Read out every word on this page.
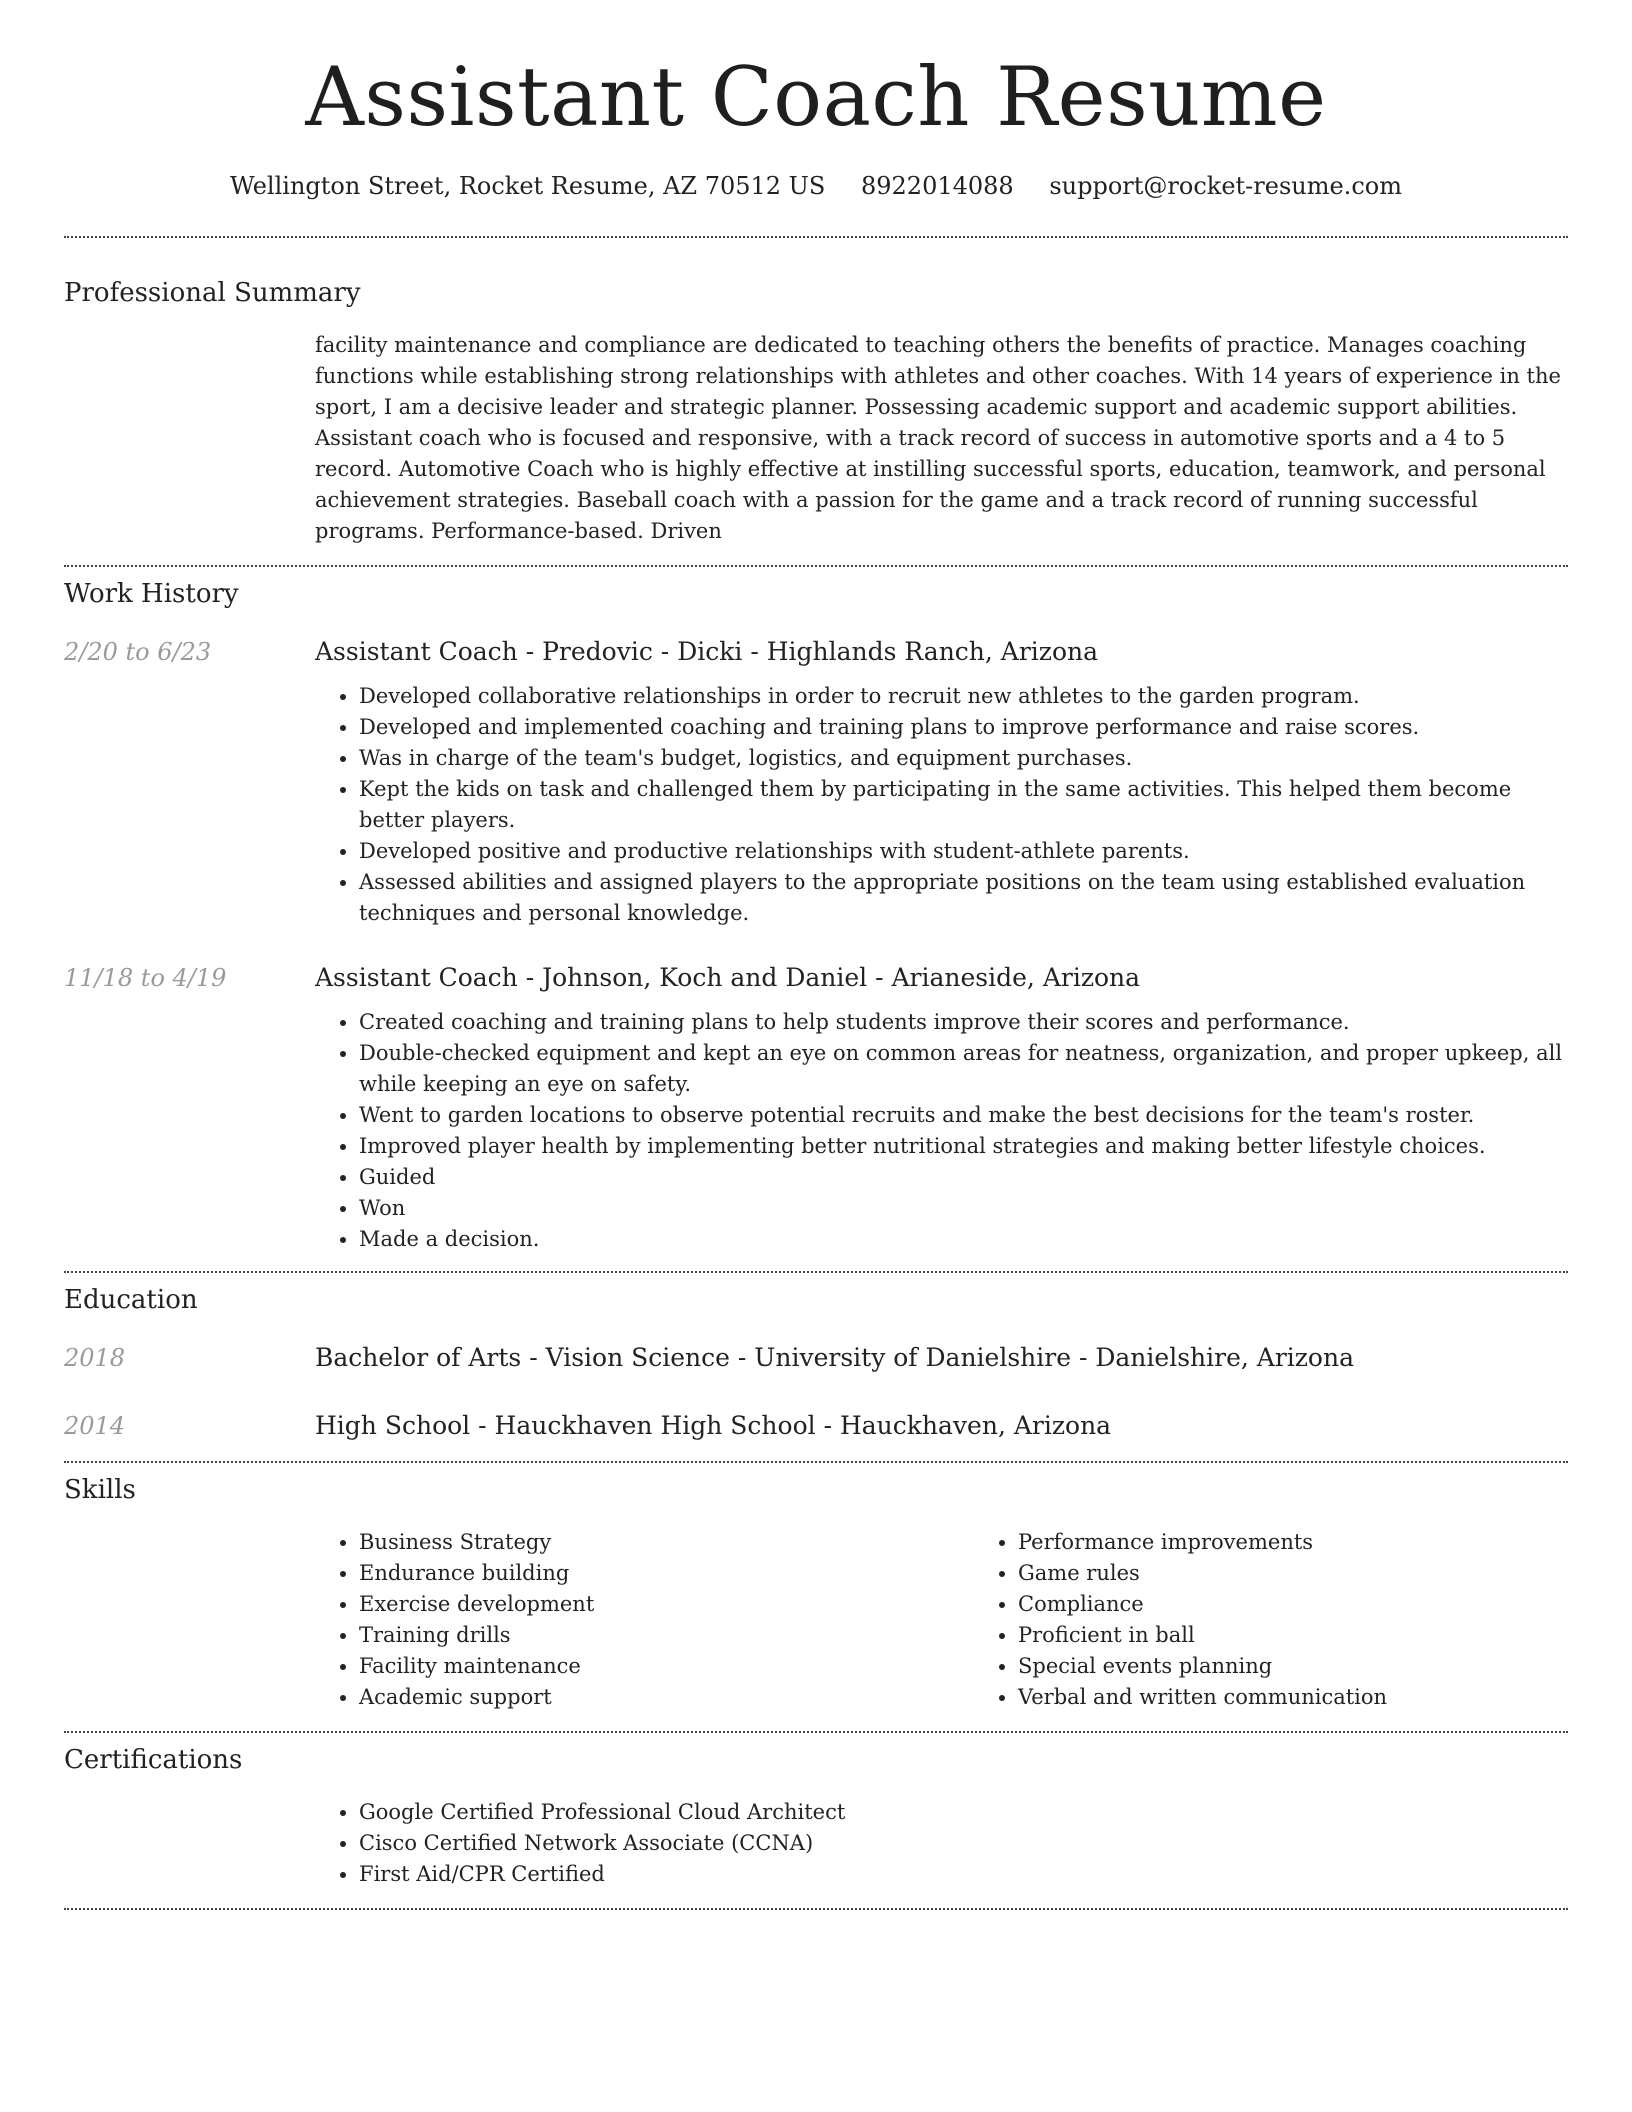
Assistant Coach Resume
Wellington Street, Rocket Resume, AZ 70512 US 8922014088 support@rocket-resume.com
Professional Summary
facility maintenance and compliance are dedicated to teaching others the benefits of practice. Manages coaching functions while establishing strong relationships with athletes and other coaches. With 14 years of experience in the sport, I am a decisive leader and strategic planner. Possessing academic support and academic support abilities. Assistant coach who is focused and responsive, with a track record of success in automotive sports and a 4 to 5 record. Automotive Coach who is highly effective at instilling successful sports, education, teamwork, and personal achievement strategies. Baseball coach with a passion for the game and a track record of running successful programs. Performance-based. Driven
Work History
2/20 to 6/23	Assistant Coach - Predovic - Dicki - Highlands Ranch, Arizona
• Developed collaborative relationships in order to recruit new athletes to the garden program.
• Developed and implemented coaching and training plans to improve performance and raise scores.
• Was in charge of the team's budget, logistics, and equipment purchases.
• Kept the kids on task and challenged them by participating in the same activities. This helped them become better players.
• Developed positive and productive relationships with student-athlete parents.
• Assessed abilities and assigned players to the appropriate positions on the team using established evaluation techniques and personal knowledge.
11/18 to 4/19	Assistant Coach - Johnson, Koch and Daniel - Arianeside, Arizona
• Created coaching and training plans to help students improve their scores and performance.
• Double-checked equipment and kept an eye on common areas for neatness, organization, and proper upkeep, all while keeping an eye on safety.
• Went to garden locations to observe potential recruits and make the best decisions for the team's roster.
• Improved player health by implementing better nutritional strategies and making better lifestyle choices.
• Guided
• Won
• Made a decision.
Education
2018	Bachelor of Arts - Vision Science - University of Danielshire - Danielshire, Arizona
2014	High School - Hauckhaven High School - Hauckhaven, Arizona
Skills
• Business Strategy
• Endurance building
• Exercise development
• Training drills
• Facility maintenance
• Academic support
• Performance improvements
• Game rules
• Compliance
• Proficient in ball
• Special events planning
• Verbal and written communication
Certifications
• Google Certified Professional Cloud Architect
• Cisco Certified Network Associate (CCNA)
• First Aid/CPR Certified
